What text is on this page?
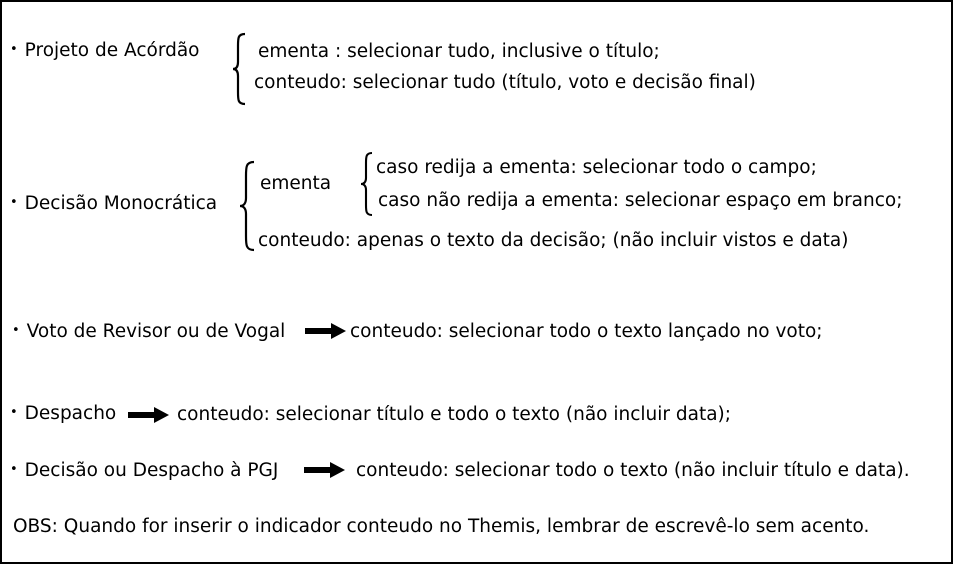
• Projeto de Acórdão	ementa : selecionar tudo, inclusive o título;
conteudo: selecionar tudo (título, voto e decisão final)
• Decisão Monocrática
ementa
caso redija a ementa: selecionar todo o campo;
caso não redija a ementa: selecionar espaço em branco;
conteudo: apenas o texto da decisão; (não incluir vistos e data)
• Voto de Revisor ou de Vogal	conteudo: selecionar todo o texto lançado no voto;
• Despacho	conteudo: selecionar título e todo o texto (não incluir data);
• Decisão ou Despacho à PGJ	conteudo: selecionar todo o texto (não incluir título e data).
OBS: Quando for inserir o indicador conteudo no Themis, lembrar de escrevê-lo sem acento.
